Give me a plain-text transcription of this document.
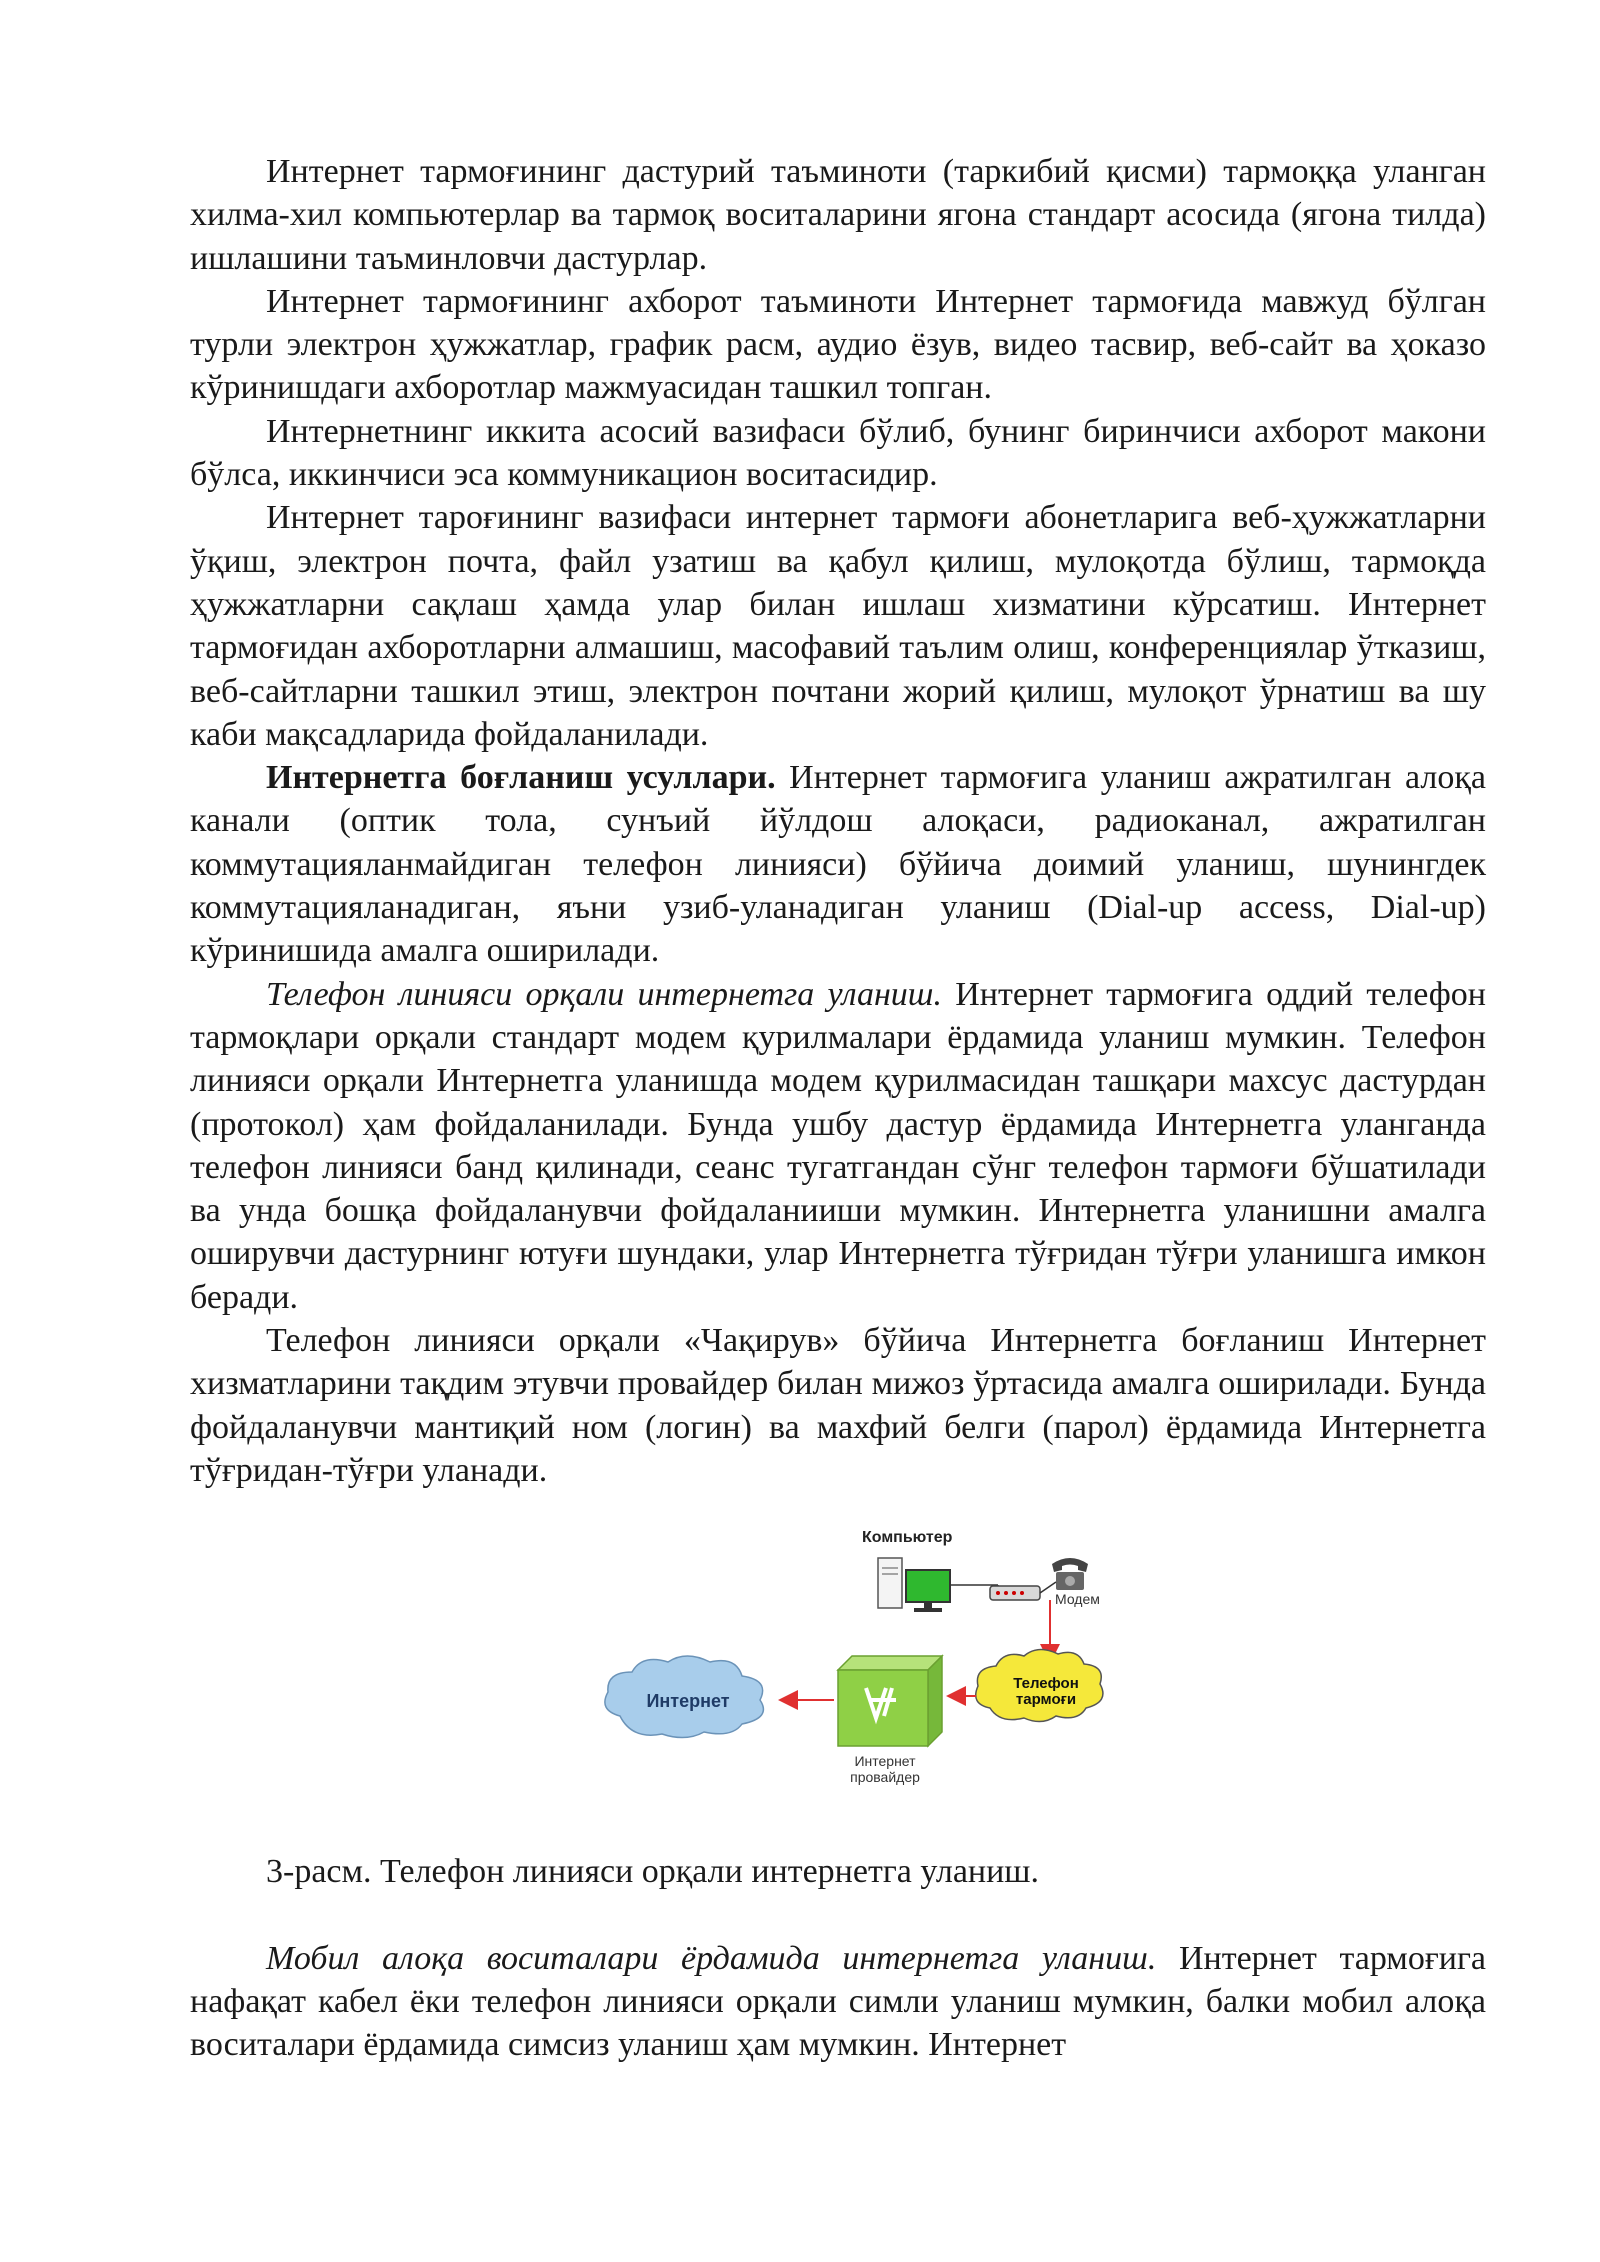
Интернет тармоғининг дастурий таъминоти (таркибий қисми) тармоққа уланган хилма-хил компьютерлар ва тармоқ воситаларини ягона стандарт асосида (ягона тилда) ишлашини таъминловчи дастурлар.

Интернет тармоғининг ахборот таъминоти Интернет тармоғида мавжуд бўлган турли электрон ҳужжатлар, график расм, аудио ёзув, видео тасвир, веб-сайт ва ҳоказо кўринишдаги ахборотлар мажмуасидан ташкил топган.

Интернетнинг иккита асосий вазифаси бўлиб, бунинг биринчиси ахборот макони бўлса, иккинчиси эса коммуникацион воситасидир.

Интернет тароғининг вазифаси интернет тармоғи абонетларига веб-ҳужжатларни ўқиш, электрон почта, файл узатиш ва қабул қилиш, мулоқотда бўлиш, тармоқда ҳужжатларни сақлаш ҳамда улар билан ишлаш хизматини кўрсатиш. Интернет тармоғидан ахборотларни алмашиш, масофавий таълим олиш, конференциялар ўтказиш, веб-сайтларни ташкил этиш, электрон почтани жорий қилиш, мулоқот ўрнатиш ва шу каби мақсадларида фойдаланилади.

Интернетга боғланиш усуллари. Интернет тармоғига уланиш ажратилган алоқа канали (оптик тола, сунъий йўлдош алоқаси, радиоканал, ажратилган коммутацияланмайдиган телефон линияси) бўйича доимий уланиш, шунингдек коммутацияланадиган, яъни узиб-уланадиган уланиш (Dial-up access, Dial-up) кўринишида амалга оширилади.

Телефон линияси орқали интернетга уланиш. Интернет тармоғига оддий телефон тармоқлари орқали стандарт модем қурилмалари ёрдамида уланиш мумкин. Телефон линияси орқали Интернетга уланишда модем қурилмасидан ташқари махсус дастурдан (протокол) ҳам фойдаланилади. Бунда ушбу дастур ёрдамида Интернетга уланганда телефон линияси банд қилинади, сеанс тугатгандан сўнг телефон тармоғи бўшатилади ва унда бошқа фойдаланувчи фойдаланииши мумкин. Интернетга уланишни амалга оширувчи дастурнинг ютуғи шундаки, улар Интернетга тўғридан тўғри уланишга имкон беради.

Телефон линияси орқали «Чақирув» бўйича Интернетга боғланиш Интернет хизматларини тақдим этувчи провайдер билан мижоз ўртасида амалга оширилади. Бунда фойдаланувчи мантиқий ном (логин) ва махфий белги (парол) ёрдамида Интернетга тўғридан-тўғри уланади.

Компьютер
Модем
Телефон
тармоғи
Интернет
провайдер
Интернет

3-расм. Телефон линияси орқали интернетга уланиш.

Мобил алоқа воситалари ёрдамида интернетга уланиш. Интернет тармоғига нафақат кабел ёки телефон линияси орқали симли уланиш мумкин, балки мобил алоқа воситалари ёрдамида симсиз уланиш ҳам мумкин. Интернет
